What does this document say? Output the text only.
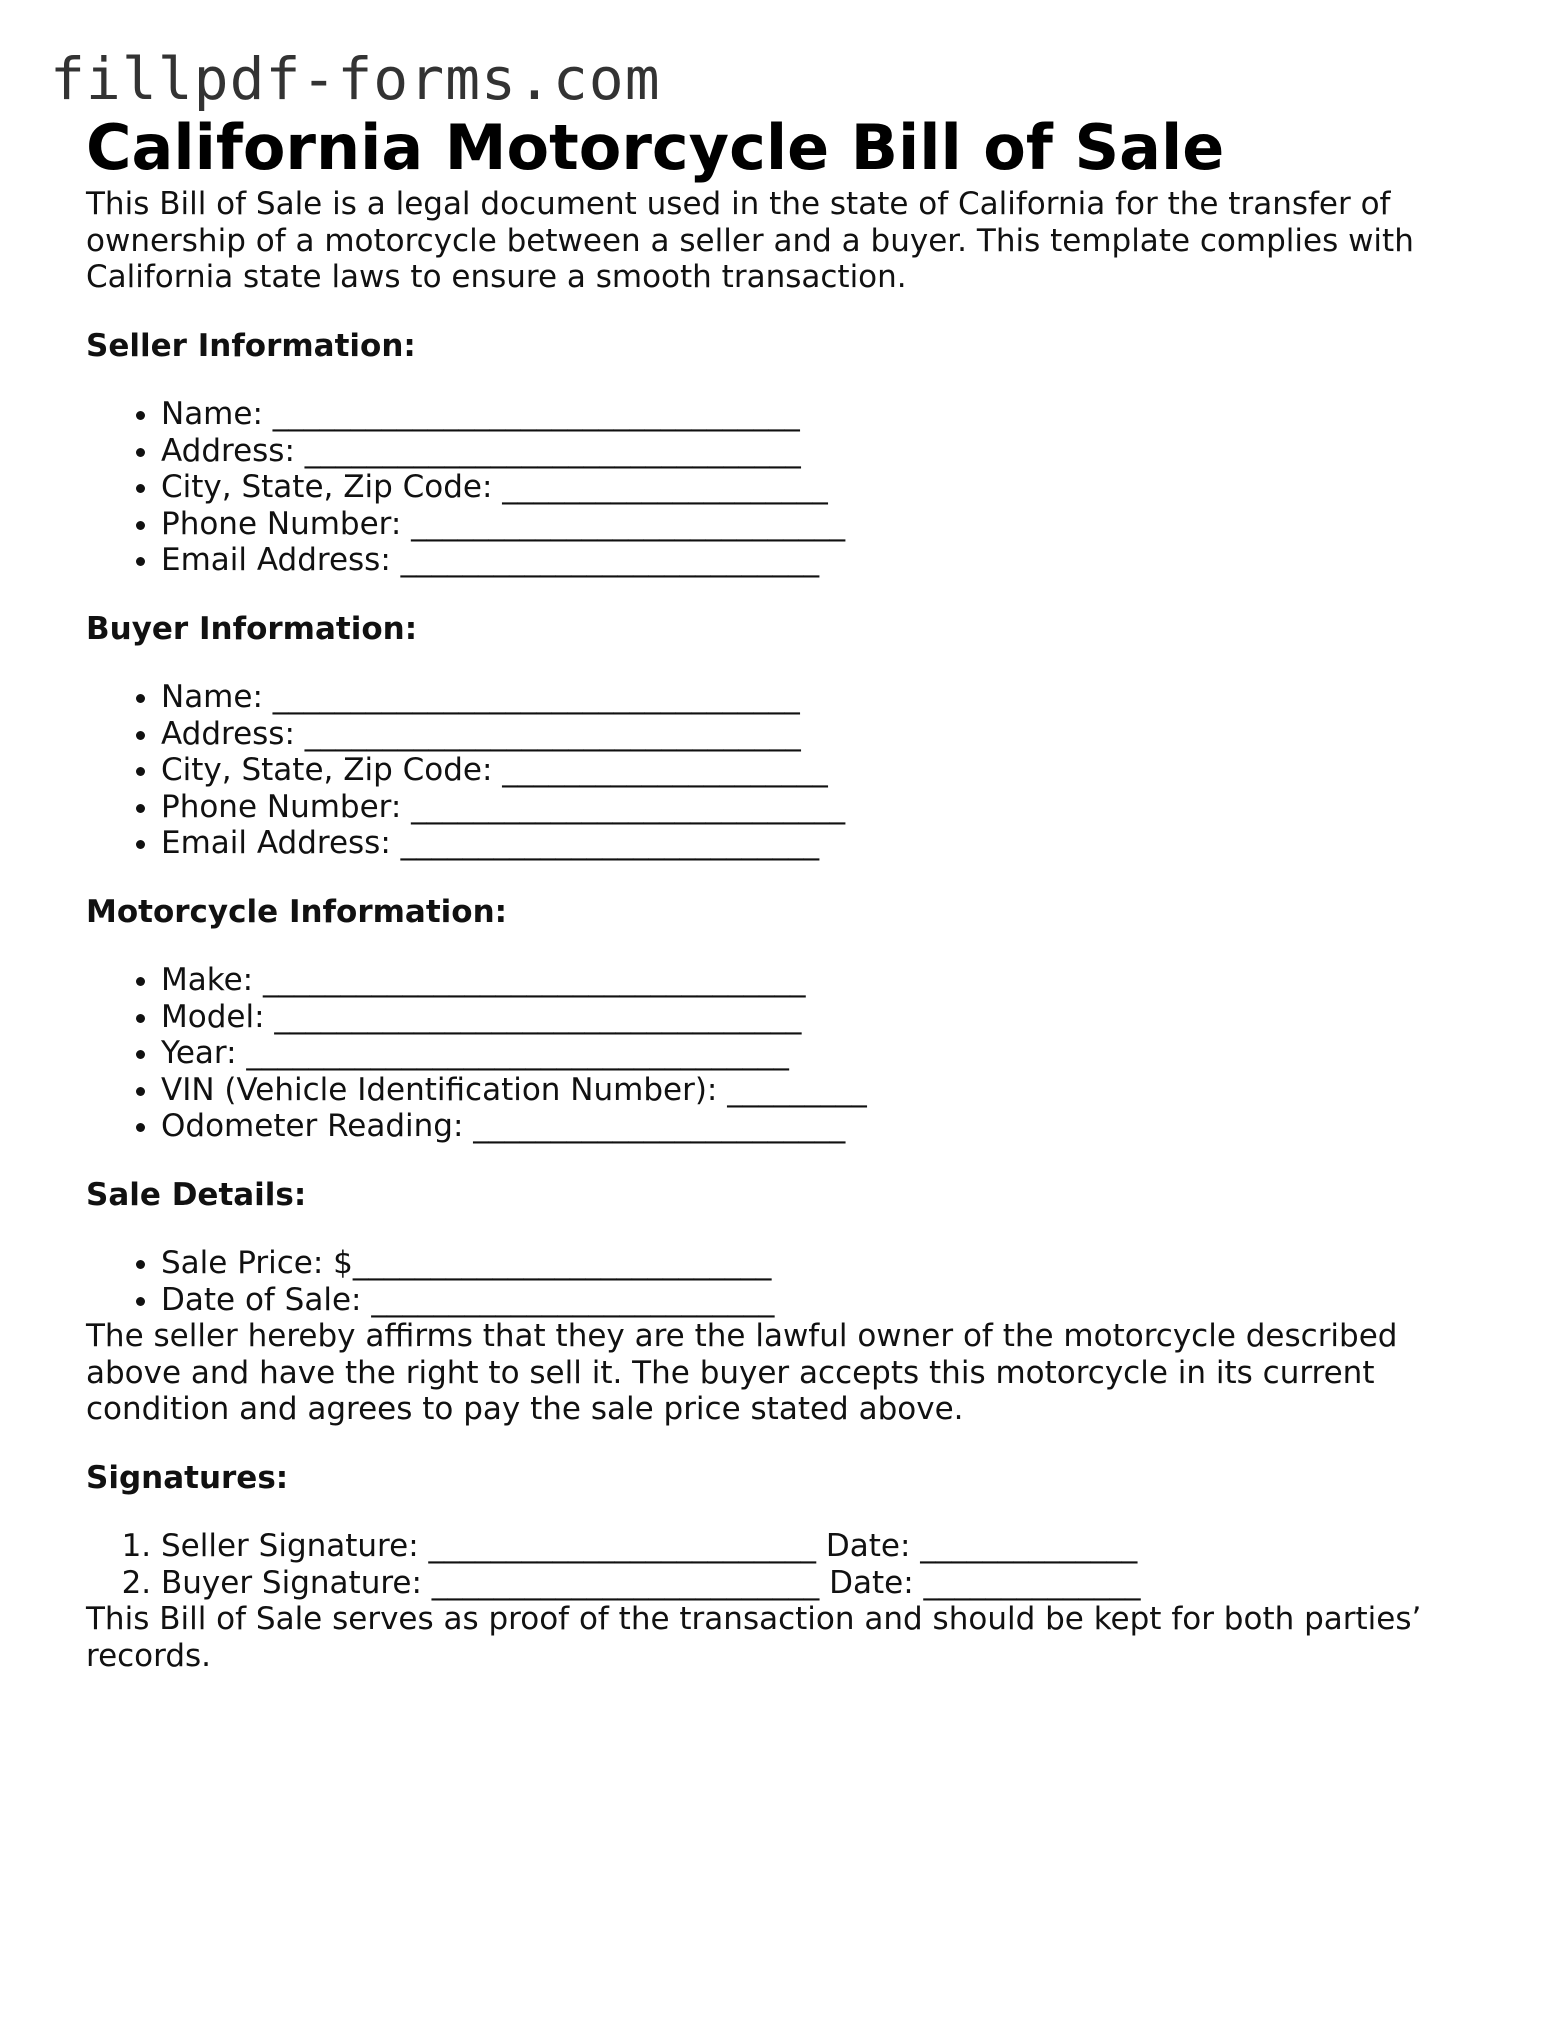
fillpdf-forms.com
California Motorcycle Bill of Sale

This Bill of Sale is a legal document used in the state of California for the transfer of ownership of a motorcycle between a seller and a buyer. This template complies with California state laws to ensure a smooth transaction.

Seller Information:

• Name: __________________________________
• Address: ________________________________
• City, State, Zip Code: _____________________
• Phone Number: ____________________________
• Email Address: ___________________________

Buyer Information:

• Name: __________________________________
• Address: ________________________________
• City, State, Zip Code: _____________________
• Phone Number: ____________________________
• Email Address: ___________________________

Motorcycle Information:

• Make: ___________________________________
• Model: __________________________________
• Year: ___________________________________
• VIN (Vehicle Identification Number): _________
• Odometer Reading: ________________________

Sale Details:

• Sale Price: $___________________________
• Date of Sale: __________________________

The seller hereby affirms that they are the lawful owner of the motorcycle described above and have the right to sell it. The buyer accepts this motorcycle in its current condition and agrees to pay the sale price stated above.

Signatures:

1. Seller Signature: _________________________ Date: ______________
2. Buyer Signature: _________________________ Date: ______________

This Bill of Sale serves as proof of the transaction and should be kept for both parties’ records.
